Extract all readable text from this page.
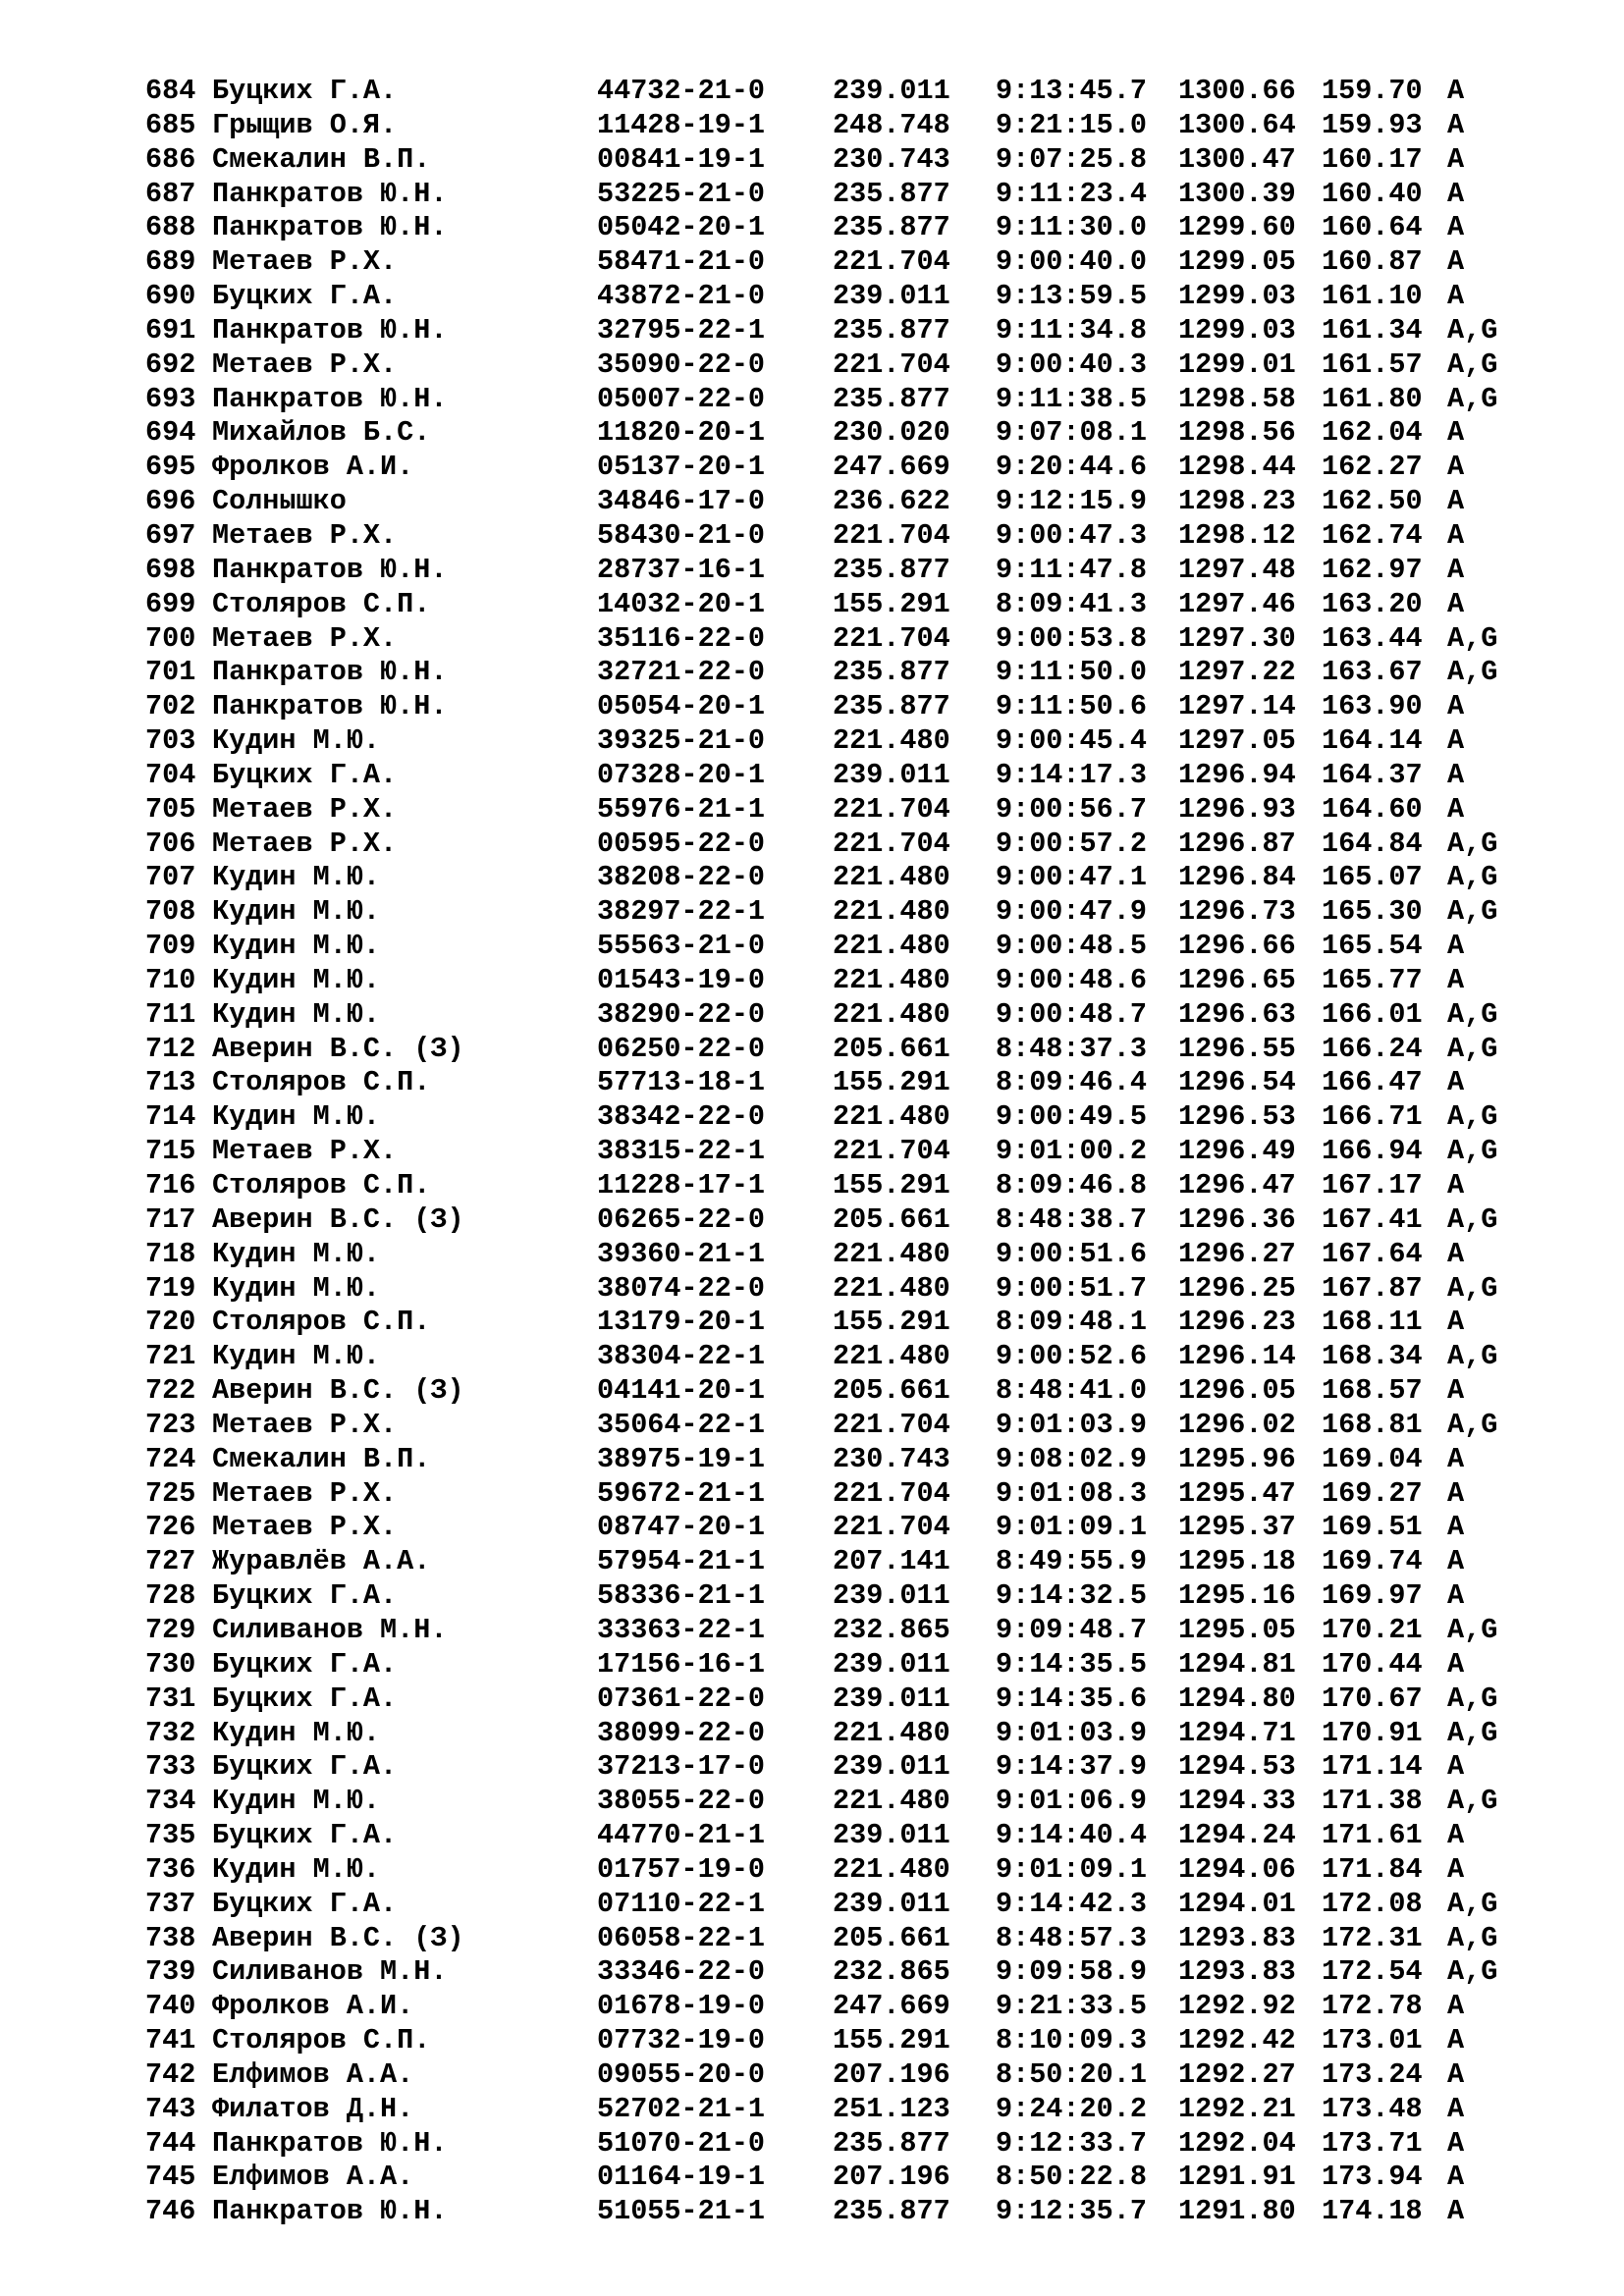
684 Буцких Г.А.	44732-21-0 239.011 9:13:45.7 1300.66 159.70 A
685 Грыщив О.Я.	11428-19-1 248.748 9:21:15.0 1300.64 159.93 A
686 Смекалин В.П.	00841-19-1 230.743 9:07:25.8 1300.47 160.17 A
687 Панкратов Ю.Н.	53225-21-0 235.877 9:11:23.4 1300.39 160.40 A
688 Панкратов Ю.Н.	05042-20-1 235.877 9:11:30.0 1299.60 160.64 A
689 Метаев Р.Х.	58471-21-0 221.704 9:00:40.0 1299.05 160.87 A
690 Буцких Г.А.	43872-21-0 239.011 9:13:59.5 1299.03 161.10 A
691 Панкратов Ю.Н.	32795-22-1 235.877 9:11:34.8 1299.03 161.34 A,G
692 Метаев Р.Х.	35090-22-0 221.704 9:00:40.3 1299.01 161.57 A,G
693 Панкратов Ю.Н.	05007-22-0 235.877 9:11:38.5 1298.58 161.80 A,G
694 Михайлов Б.С.	11820-20-1 230.020 9:07:08.1 1298.56 162.04 A
695 Фролков А.И.	05137-20-1 247.669 9:20:44.6 1298.44 162.27 A
696 Солнышко	34846-17-0 236.622 9:12:15.9 1298.23 162.50 A
697 Метаев Р.Х.	58430-21-0 221.704 9:00:47.3 1298.12 162.74 A
698 Панкратов Ю.Н.	28737-16-1 235.877 9:11:47.8 1297.48 162.97 A
699 Столяров С.П.	14032-20-1 155.291 8:09:41.3 1297.46 163.20 A
700 Метаев Р.Х.	35116-22-0 221.704 9:00:53.8 1297.30 163.44 A,G
701 Панкратов Ю.Н.	32721-22-0 235.877 9:11:50.0 1297.22 163.67 A,G
702 Панкратов Ю.Н.	05054-20-1 235.877 9:11:50.6 1297.14 163.90 A
703 Кудин М.Ю.	39325-21-0 221.480 9:00:45.4 1297.05 164.14 A
704 Буцких Г.А.	07328-20-1 239.011 9:14:17.3 1296.94 164.37 A
705 Метаев Р.Х.	55976-21-1 221.704 9:00:56.7 1296.93 164.60 A
706 Метаев Р.Х.	00595-22-0 221.704 9:00:57.2 1296.87 164.84 A,G
707 Кудин М.Ю.	38208-22-0 221.480 9:00:47.1 1296.84 165.07 A,G
708 Кудин М.Ю.	38297-22-1 221.480 9:00:47.9 1296.73 165.30 A,G
709 Кудин М.Ю.	55563-21-0 221.480 9:00:48.5 1296.66 165.54 A
710 Кудин М.Ю.	01543-19-0 221.480 9:00:48.6 1296.65 165.77 A
711 Кудин М.Ю.	38290-22-0 221.480 9:00:48.7 1296.63 166.01 A,G
712 Аверин В.С. (З)	06250-22-0 205.661 8:48:37.3 1296.55 166.24 A,G
713 Столяров С.П.	57713-18-1 155.291 8:09:46.4 1296.54 166.47 A
714 Кудин М.Ю.	38342-22-0 221.480 9:00:49.5 1296.53 166.71 A,G
715 Метаев Р.Х.	38315-22-1 221.704 9:01:00.2 1296.49 166.94 A,G
716 Столяров С.П.	11228-17-1 155.291 8:09:46.8 1296.47 167.17 A
717 Аверин В.С. (З)	06265-22-0 205.661 8:48:38.7 1296.36 167.41 A,G
718 Кудин М.Ю.	39360-21-1 221.480 9:00:51.6 1296.27 167.64 A
719 Кудин М.Ю.	38074-22-0 221.480 9:00:51.7 1296.25 167.87 A,G
720 Столяров С.П.	13179-20-1 155.291 8:09:48.1 1296.23 168.11 A
721 Кудин М.Ю.	38304-22-1 221.480 9:00:52.6 1296.14 168.34 A,G
722 Аверин В.С. (З)	04141-20-1 205.661 8:48:41.0 1296.05 168.57 A
723 Метаев Р.Х.	35064-22-1 221.704 9:01:03.9 1296.02 168.81 A,G
724 Смекалин В.П.	38975-19-1 230.743 9:08:02.9 1295.96 169.04 A
725 Метаев Р.Х.	59672-21-1 221.704 9:01:08.3 1295.47 169.27 A
726 Метаев Р.Х.	08747-20-1 221.704 9:01:09.1 1295.37 169.51 A
727 Журавлёв А.А.	57954-21-1 207.141 8:49:55.9 1295.18 169.74 A
728 Буцких Г.А.	58336-21-1 239.011 9:14:32.5 1295.16 169.97 A
729 Силиванов М.Н.	33363-22-1 232.865 9:09:48.7 1295.05 170.21 A,G
730 Буцких Г.А.	17156-16-1 239.011 9:14:35.5 1294.81 170.44 A
731 Буцких Г.А.	07361-22-0 239.011 9:14:35.6 1294.80 170.67 A,G
732 Кудин М.Ю.	38099-22-0 221.480 9:01:03.9 1294.71 170.91 A,G
733 Буцких Г.А.	37213-17-0 239.011 9:14:37.9 1294.53 171.14 A
734 Кудин М.Ю.	38055-22-0 221.480 9:01:06.9 1294.33 171.38 A,G
735 Буцких Г.А.	44770-21-1 239.011 9:14:40.4 1294.24 171.61 A
736 Кудин М.Ю.	01757-19-0 221.480 9:01:09.1 1294.06 171.84 A
737 Буцких Г.А.	07110-22-1 239.011 9:14:42.3 1294.01 172.08 A,G
738 Аверин В.С. (З)	06058-22-1 205.661 8:48:57.3 1293.83 172.31 A,G
739 Силиванов М.Н.	33346-22-0 232.865 9:09:58.9 1293.83 172.54 A,G
740 Фролков А.И.	01678-19-0 247.669 9:21:33.5 1292.92 172.78 A
741 Столяров С.П.	07732-19-0 155.291 8:10:09.3 1292.42 173.01 A
742 Елфимов А.А.	09055-20-0 207.196 8:50:20.1 1292.27 173.24 A
743 Филатов Д.Н.	52702-21-1 251.123 9:24:20.2 1292.21 173.48 A
744 Панкратов Ю.Н.	51070-21-0 235.877 9:12:33.7 1292.04 173.71 A
745 Елфимов А.А.	01164-19-1 207.196 8:50:22.8 1291.91 173.94 A
746 Панкратов Ю.Н.	51055-21-1 235.877 9:12:35.7 1291.80 174.18 A
